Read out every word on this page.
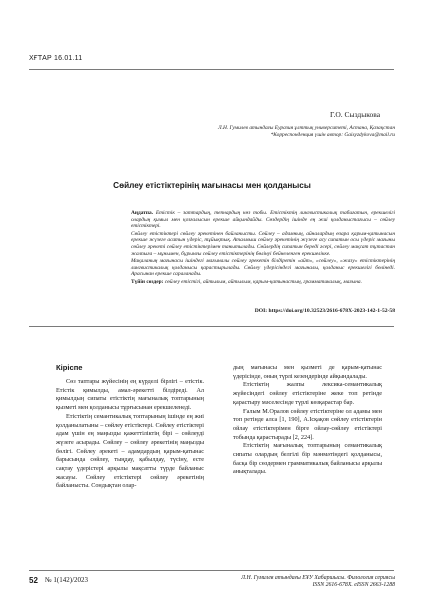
ХҒТАР 16.01.11
Г.О. Сыздыкова
Л.Н. Гумилев атындағы Еуразия ұлттық университеті, Астана, Қазақстан
*Корреспонденция үшін автор: Gaisyzdykova@mail.ru
Сөйлеу етістіктерінің мағынасы мен қолданысы

Аңдатпа. Етістік – заттардың, тепнардың көз тобы. Етістіктің лингвистикалық табиғатын, ерекшелігі олардың қимыл мен қозғалысын ерекше айқындайды. Сөздердің ішінде ең жиі қолданыстағысы – сөйлеу етістіктері.

Сөйлеу етістіктері сөйлеу әрекетінен байланысты. Сөйлеу – адамның, айналардың өзара қарым-қатынасын ерекше жүзеге асатын үдеріс, тұйықтық. Аталмыш сөйлеу әрекетінің жүзеге асу сипатын осы үдеріс мағыны сөйлеу әрекеті сөйлеу етістіктерімен танытылады. Сөйлердің сипатын береді әсері, сөйлеу мақсат тұтастан жалпыға – мұнымен, бұрынғы сөйлеу етістіктерінің бөлінуі бейнеленген ерекшелікке.

Мақаланың мағынасы ішіндегі мағыналы сөйлеу әрекетін білдіретін «айт», «сөйлеу», «жазу» етістіктерінің лингвистикалық қолданысы қарастырылады. Сөйлеу үдерісіндегі мағыналы, қолданыс ерекшелігі бөлінеді. Арасынан ерекше сараланады.

Түйін сөздер: сөйлеу етістігі, айтылым, айтылым, қарым-қатынастың, грамматикалық, мағына.

DOI: https://doi.org/10.32523/2616-678X-2023-142-1-52-58
Кіріспе

Сөз таптары жүйесінің ең күрделі бірлігі – етістік. Етістік қимылды, амал-әрекетті білдіреді. Ал қимылдың сипаты етістіктің мағыналық топтарының қызметі мен қолданысы тұрғысынан ерекшеленеді.

Етістіктің семантикалық топтарының ішінде ең жиі қолданылатыны – сөйлеу етістіктері. Сөйлеу етістіктері адам үшін ең маңызды қажеттіліктің бірі – сөйлеуді жүзеге асырады. Сөйлеу – сөйлеу әрекетінің маңызды бөлігі. Сөйлеу әрекеті – адамдардың қарым-қатынас барысында сөйлеу, тыңдау, қабылдау, түсіну, есте сақтау үдерістері арқылы мақсатты түрде байланыс жасауы. Сөйлеу етістіктері сөйлеу әрекетінің байланысты. Сондықтан олар-

дың мағынасы мен қызметі де қарым-қатынас үдерісінде, оның түрлі кезеңдерінде айқындалады.

Етістіктің жалпы лексика-семантикалық жүйесіндегі сөйлеу етістіктеріне жеке топ ретінде қарастыру мәселесінде түрлі көзқарастар бар.

Ғалым М.Оралов сөйлеу етістіктеріне ол адамы мен топ ретінде алса [1, 190], А.Ісқақов сөйлеу етістіктерін ойлау етістіктерімен бірге ойлау-сөйлеу етістіктері тобында қарастырады [2, 224].

Етістіктің мағыналық топтарының семантикалық сипаты олардың белгілі бір мәнмәтіндегі қолданысы, басқа бір сөздермен грамматикалық байланысы арқылы анықталады.

52 № 1(142)/2023	Л.Н. Гумилев атындағы ЕҰУ Хабаршысы. Филология сериясы
ISSN 2616-678X. eISSN 2663-1288
